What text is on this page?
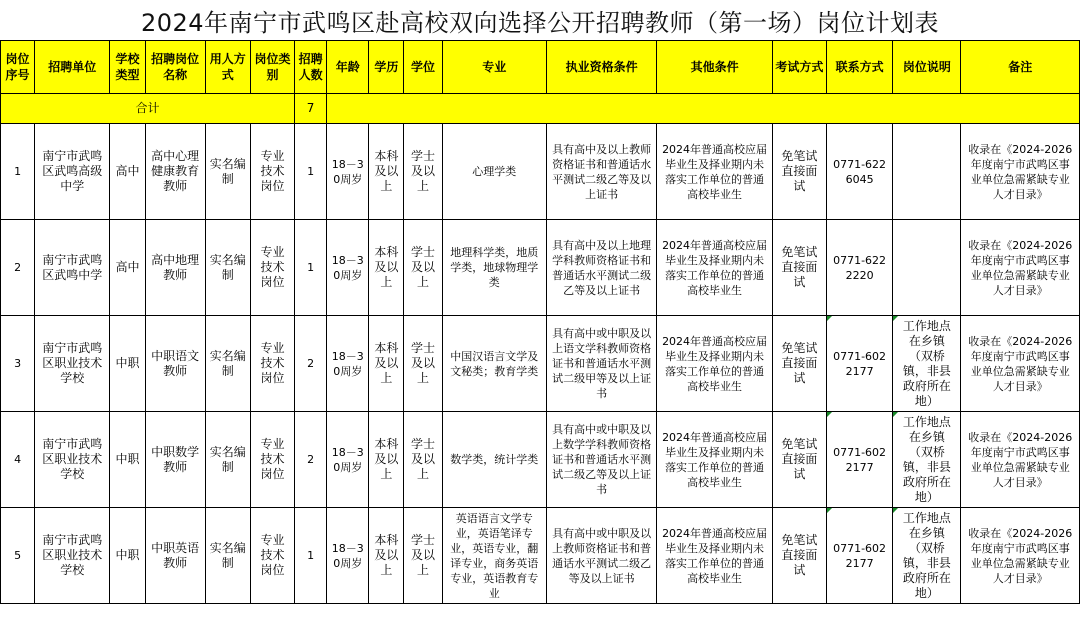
2024年南宁市武鸣区赴高校双向选择公开招聘教师（第一场）岗位计划表
岗位序号	招聘单位	学校类型	招聘岗位名称	用人方式	岗位类别	招聘人数	年龄	学历	学位	专业	执业资格条件	其他条件	考试方式	联系方式	岗位说明	备注
合计						7										
1	南宁市武鸣区武鸣高级中学	高中	高中心理健康教育教师	实名编制	专业技术岗位	1	18－30周岁	本科及以上	学士及以上	心理学类	具有高中及以上教师资格证书和普通话水平测试二级乙等及以上证书	2024年普通高校应届毕业生及择业期内未落实工作单位的普通高校毕业生	免笔试直接面试	0771-6226045		收录在《2024-2026年度南宁市武鸣区事业单位急需紧缺专业人才目录》
2	南宁市武鸣区武鸣中学	高中	高中地理教师	实名编制	专业技术岗位	1	18－30周岁	本科及以上	学士及以上	地理科学类，地质学类，地球物理学类	具有高中及以上地理学科教师资格证书和普通话水平测试二级乙等及以上证书	2024年普通高校应届毕业生及择业期内未落实工作单位的普通高校毕业生	免笔试直接面试	0771-6222220		收录在《2024-2026年度南宁市武鸣区事业单位急需紧缺专业人才目录》
3	南宁市武鸣区职业技术学校	中职	中职语文教师	实名编制	专业技术岗位	2	18－30周岁	本科及以上	学士及以上	中国汉语言文学及文秘类；教育学类	具有高中或中职及以上语文学科教师资格证书和普通话水平测试二级甲等及以上证书	2024年普通高校应届毕业生及择业期内未落实工作单位的普通高校毕业生	免笔试直接面试	0771-6022177	工作地点在乡镇（双桥镇，非县政府所在地）	收录在《2024-2026年度南宁市武鸣区事业单位急需紧缺专业人才目录》
4	南宁市武鸣区职业技术学校	中职	中职数学教师	实名编制	专业技术岗位	2	18－30周岁	本科及以上	学士及以上	数学类，统计学类	具有高中或中职及以上数学学科教师资格证书和普通话水平测试二级乙等及以上证书	2024年普通高校应届毕业生及择业期内未落实工作单位的普通高校毕业生	免笔试直接面试	0771-6022177	工作地点在乡镇（双桥镇，非县政府所在地）	收录在《2024-2026年度南宁市武鸣区事业单位急需紧缺专业人才目录》
5	南宁市武鸣区职业技术学校	中职	中职英语教师	实名编制	专业技术岗位	1	18－30周岁	本科及以上	学士及以上	英语语言文学专业，英语笔译专业，英语专业，翻译专业，商务英语专业，英语教育专业	具有高中或中职及以上教师资格证书和普通话水平测试二级乙等及以上证书	2024年普通高校应届毕业生及择业期内未落实工作单位的普通高校毕业生	免笔试直接面试	0771-6022177	工作地点在乡镇（双桥镇，非县政府所在地）	收录在《2024-2026年度南宁市武鸣区事业单位急需紧缺专业人才目录》
